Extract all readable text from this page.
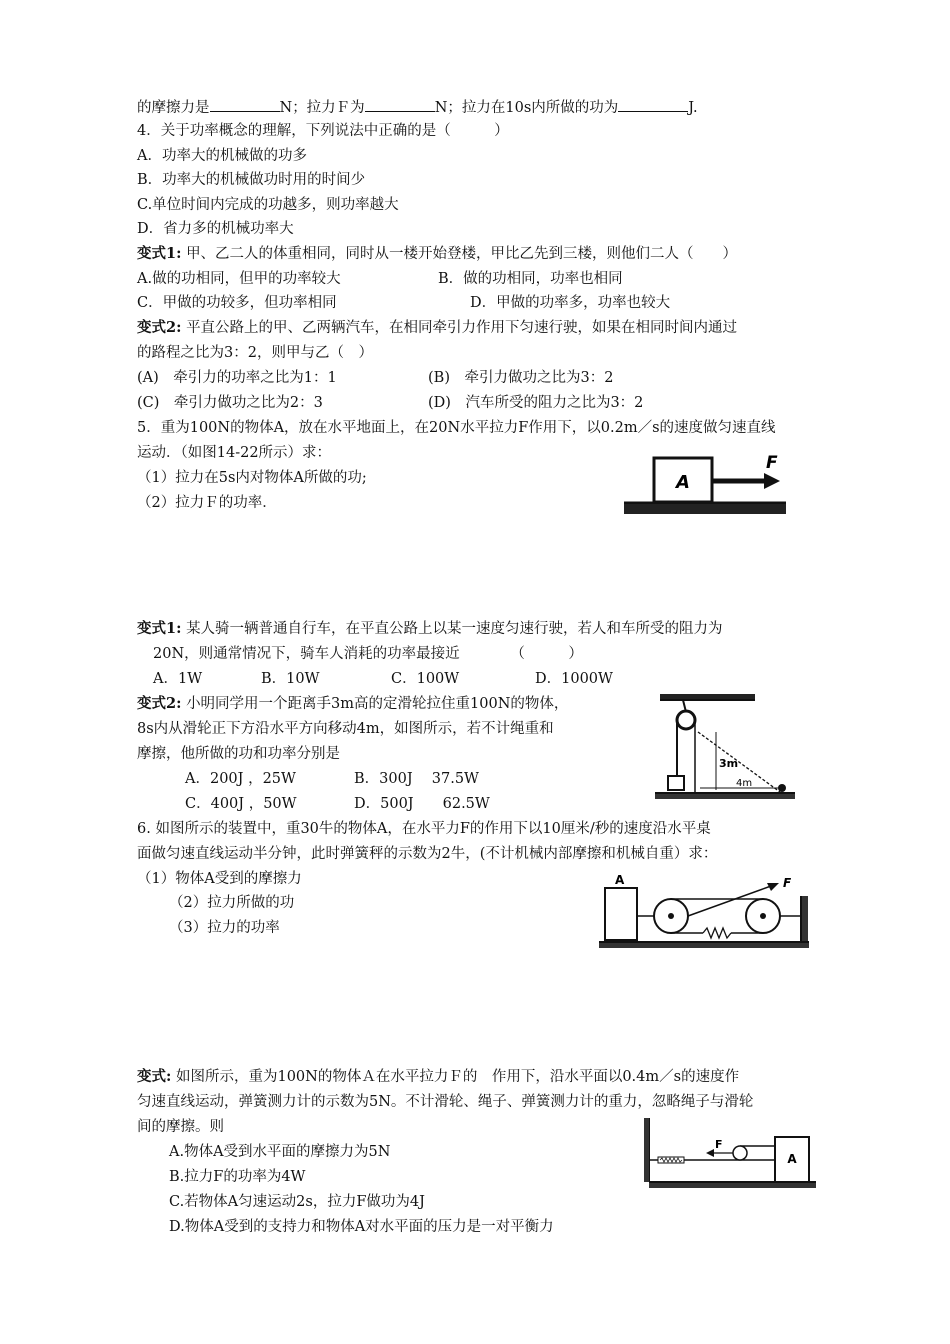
的摩擦力是	N；拉力Ｆ为	N；拉力在10s内所做的功为	J.
4．关于功率概念的理解，下列说法中正确的是（　　　）
A．功率大的机械做的功多
B．功率大的机械做功时用的时间少
C.单位时间内完成的功越多，则功率越大
D．省力多的机械功率大
变式1: 甲、乙二人的体重相同，同时从一楼开始登楼，甲比乙先到三楼，则他们二人（　　）
A.做的功相同，但甲的功率较大	B．做的功相同，功率也相同
C．甲做的功较多，但功率相同	D．甲做的功率多，功率也较大
变式2: 平直公路上的甲、乙两辆汽车，在相同牵引力作用下匀速行驶，如果在相同时间内通过
的路程之比为3：2，则甲与乙（　）
(A)　牵引力的功率之比为1：1	(B)　牵引力做功之比为3：2
(C)　牵引力做功之比为2：3	(D)　汽车所受的阻力之比为3：2
5．重为100N的物体A，放在水平地面上，在20N水平拉力F作用下，以0.2m／s的速度做匀速直线
运动．（如图14-22所示）求：
（1）拉力在5s内对物体A所做的功;
（2）拉力Ｆ的功率．
A
F
变式1: 某人骑一辆普通自行车，在平直公路上以某一速度匀速行驶，若人和车所受的阻力为
20N，则通常情况下，骑车人消耗的功率最接近　　　　（　　　）
A．1W	B．10W	C．100W	D．1000W
变式2: 小明同学用一个距离手3m高的定滑轮拉住重100N的物体，
8s内从滑轮正下方沿水平方向移动4m，如图所示，若不计绳重和
摩擦，他所做的功和功率分别是
A．200J ，25W	B．300J　 37.5W
C．400J ，50W	D．500J　　62.5W
3m
4m
6. 如图所示的装置中，重30牛的物体A，在水平力F的作用下以10厘米/秒的速度沿水平桌
面做匀速直线运动半分钟，此时弹簧秤的示数为2牛，(不计机械内部摩擦和机械自重）求：
（1）物体A受到的摩擦力
（2）拉力所做的功
（3）拉力的功率
A	F
变式: 如图所示，重为100N的物体Ａ在水平拉力Ｆ的　作用下，沿水平面以0.4m／s的速度作
匀速直线运动，弹簧测力计的示数为5N。不计滑轮、绳子、弹簧测力计的重力，忽略绳子与滑轮
间的摩擦。则
A.物体A受到水平面的摩擦力为5N
B.拉力F的功率为4W
C.若物体A匀速运动2s，拉力F做功为4J
D.物体A受到的支持力和物体A对水平面的压力是一对平衡力
F
A
